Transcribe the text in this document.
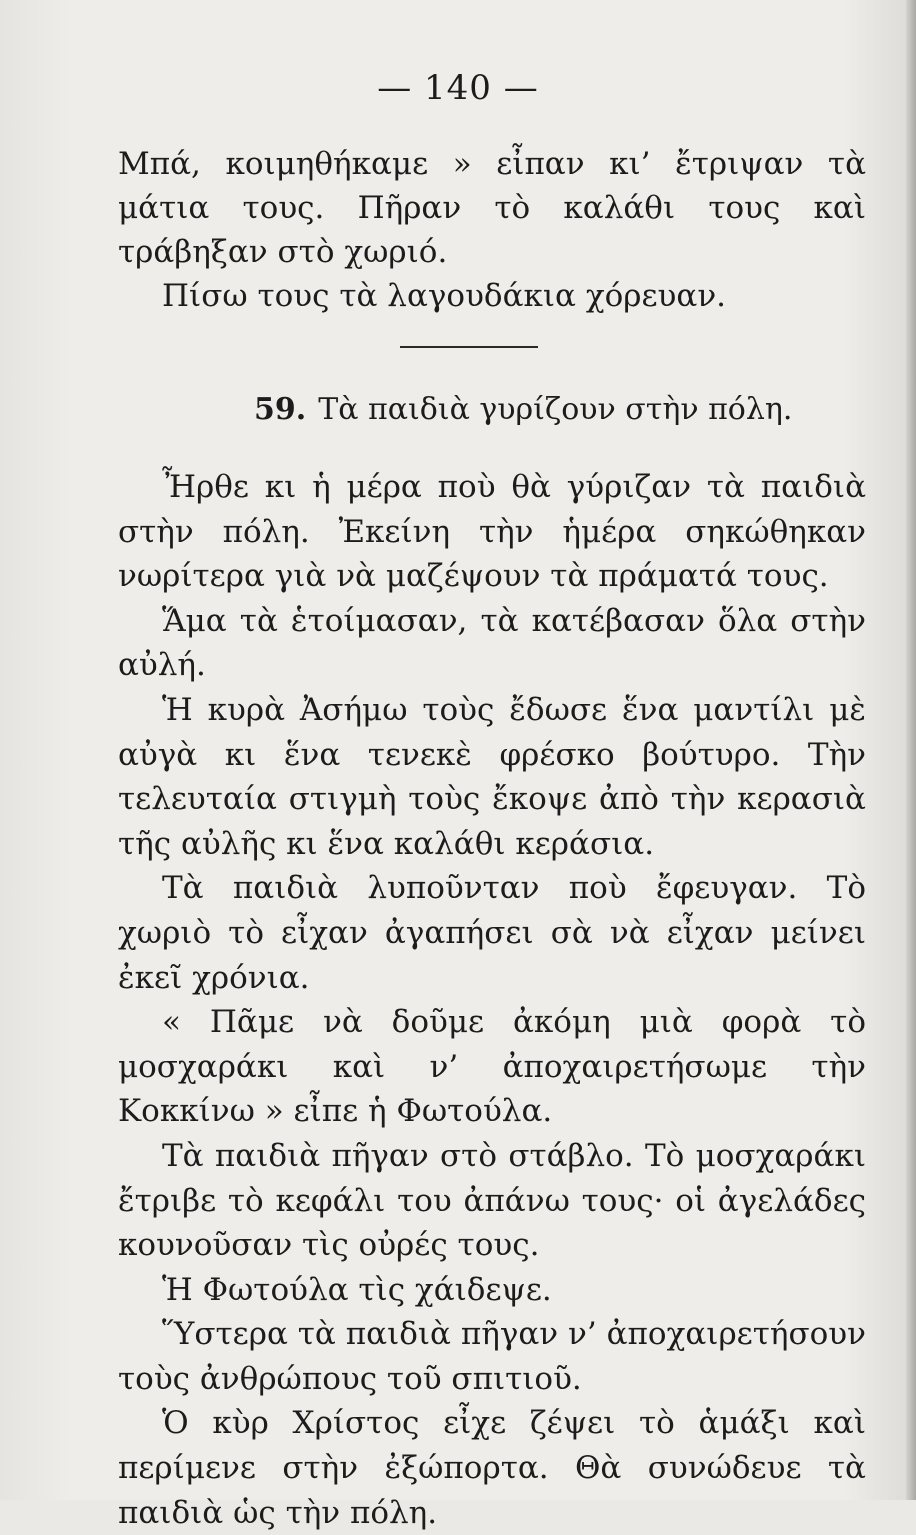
— 140 —

Μπά, κοιμηθήκαμε » εἶπαν κι’ ἔτριψαν τὰ μάτια τους. Πῆραν τὸ καλάθι τους καὶ τράβηξαν στὸ χωριό.

Πίσω τους τὰ λαγουδάκια χόρευαν.

59. Τὰ παιδιὰ γυρίζουν στὴν πόλη.

Ἦρθε κι ἡ μέρα ποὺ θὰ γύριζαν τὰ παιδιὰ στὴν πόλη. Ἐκείνη τὴν ἡμέρα σηκώθηκαν νωρίτερα γιὰ νὰ μαζέψουν τὰ πράματά τους.

Ἅμα τὰ ἑτοίμασαν, τὰ κατέβασαν ὅλα στὴν αὐλή.

Ἡ κυρὰ Ἀσήμω τοὺς ἔδωσε ἕνα μαντίλι μὲ αὐγὰ κι ἕνα τενεκὲ φρέσκο βούτυρο. Τὴν τελευταία στιγμὴ τοὺς ἔκοψε ἀπὸ τὴν κερασιὰ τῆς αὐλῆς κι ἕνα καλάθι κεράσια.

Τὰ παιδιὰ λυποῦνταν ποὺ ἔφευγαν. Τὸ χωριὸ τὸ εἶχαν ἀγαπήσει σὰ νὰ εἶχαν μείνει ἐκεῖ χρόνια.

« Πᾶμε νὰ δοῦμε ἀκόμη μιὰ φορὰ τὸ μοσχαράκι καὶ ν’ ἀποχαιρετήσωμε τὴν Κοκκίνω » εἶπε ἡ Φωτούλα.

Τὰ παιδιὰ πῆγαν στὸ στάβλο. Τὸ μοσχαράκι ἔτριβε τὸ κεφάλι του ἀπάνω τους· οἱ ἀγελάδες κουνοῦσαν τὶς οὐρές τους.

Ἡ Φωτούλα τὶς χάιδεψε.

Ὕστερα τὰ παιδιὰ πῆγαν ν’ ἀποχαιρετήσουν τοὺς ἀνθρώπους τοῦ σπιτιοῦ.

Ὁ κὺρ Χρίστος εἶχε ζέψει τὸ ἁμάξι καὶ περίμενε στὴν ἐξώπορτα. Θὰ συνώδευε τὰ παιδιὰ ὡς τὴν πόλη.
